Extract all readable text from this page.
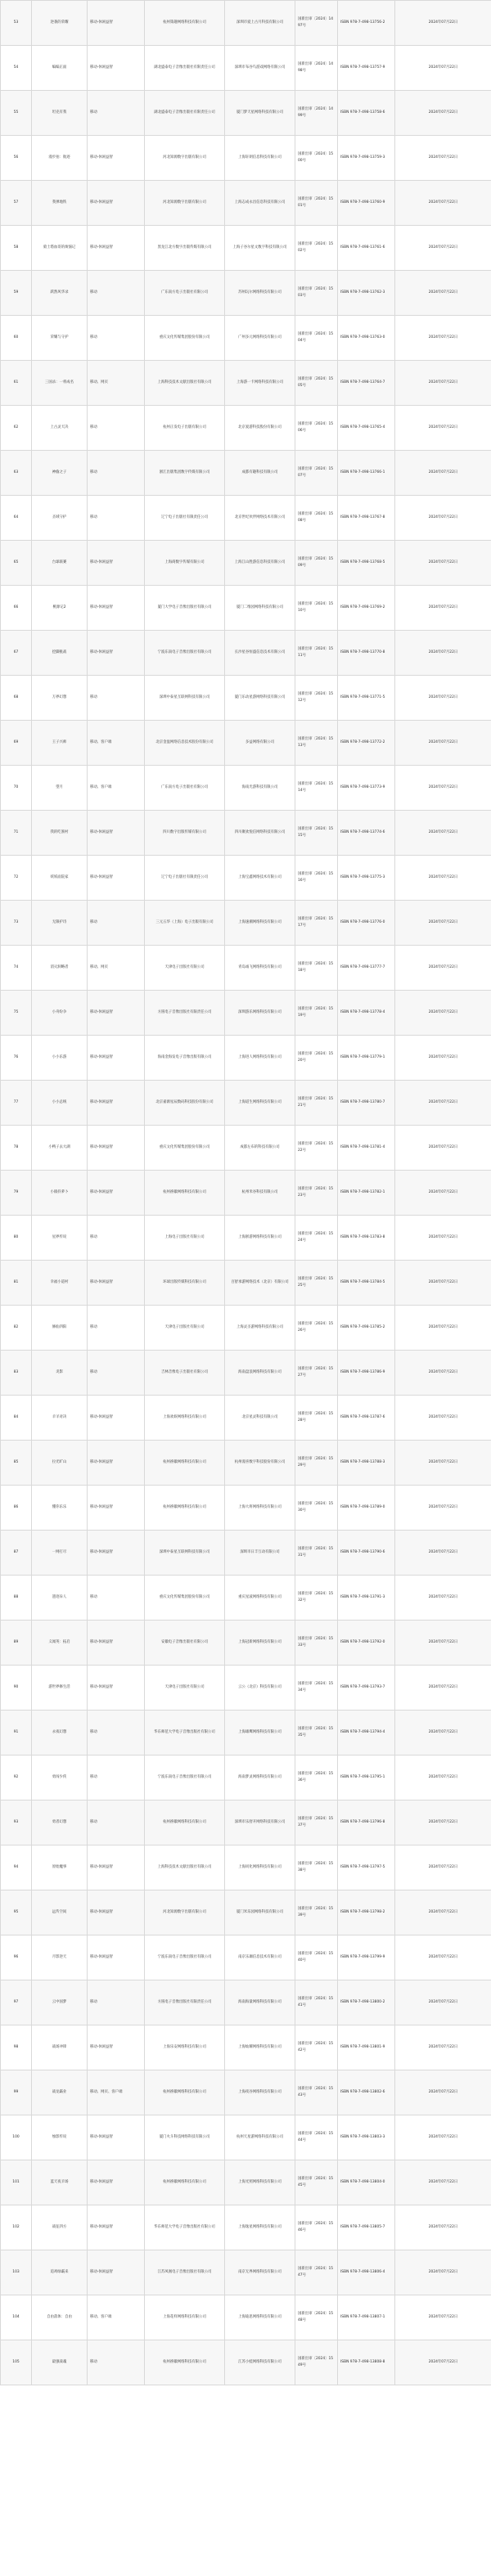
53	逆袭的荣耀	移动-休闲益智	杭州策趣网络科技有限公司	深圳市爱上古月科技有限公司	国新出审〔2024〕1497号	ISBN 978-7-498-13756-2	2024年07月22日
54	编编正面	移动-休闲益智	湖北盛泰电子音像出版社有限责任公司	深圳市布谷鸟游戏网络有限公司	国新出审〔2024〕1498号	ISBN 978-7-498-13757-9	2024年07月22日
55	坦克有我	移动	湖北盛泰电子音像出版社有限责任公司	厦门梦天星网络科技有限公司	国新出审〔2024〕1499号	ISBN 978-7-498-13758-6	2024年07月22日
56	漫步拍：航迹	移动-休闲益智	河北知源数字出版有限公司	上海轩朗信息科技有限公司	国新出审〔2024〕1500号	ISBN 978-7-498-13759-3	2024年07月22日
57	我弹地铁	移动-休闲益智	河北知源数字出版有限公司	上海志成永昌信息科技有限公司	国新出审〔2024〕1501号	ISBN 978-7-498-13760-9	2024年07月22日
58	骑士塔血哥的烦恼记	移动-休闲益智	黑龙江北方数字出版传媒有限公司	上海子谷尔星文数字科技有限公司	国新出审〔2024〕1502号	ISBN 978-7-498-13761-6	2024年07月22日
59	跃然风华录	移动	广东南方电子出版社有限公司	苏州玩尔网络科技有限公司	国新出审〔2024〕1503号	ISBN 978-7-498-13762-3	2024年07月22日
60	荣耀与守护	移动	重庆文化传媒集团股份有限公司	广州多元网络科技有限公司	国新出审〔2024〕1504号	ISBN 978-7-498-13763-0	2024年07月22日
61	三国杀：一将成名	移动、网页	上海科技技术文献出版社有限公司	上海游一卡网络科技有限公司	国新出审〔2024〕1505号	ISBN 978-7-498-13764-7	2024年07月22日
62	上古灵天决	移动	杭州正发电子出版有限公司	北京爱游科技股份有限公司	国新出审〔2024〕1506号	ISBN 978-7-498-13765-4	2024年07月22日
63	神偷之子	移动	浙江出版集团数字传媒有限公司	成都有趣科技有限公司	国新出审〔2024〕1507号	ISBN 978-7-498-13766-1	2024年07月22日
64	圣域守护	移动	辽宁电子出版社有限责任公司	北京世纪伙伴网络技术有限公司	国新出审〔2024〕1508号	ISBN 978-7-498-13767-8	2024年07月22日
65	台球联赛	移动-休闲益智	上海商数字传媒有限公司	上海江山胜游信息科技有限公司	国新出审〔2024〕1509号	ISBN 978-7-498-13768-5	2024年07月22日
66	桃源记2	移动-休闲益智	厦门大学电子音像出版社有限公司	厦门二维园网络科技有限公司	国新出审〔2024〕1510号	ISBN 978-7-498-13769-2	2024年07月22日
67	挖脚挑战	移动-休闲益智	宁波东南电子音像出版社有限公司	长沙星谷恒盛信息技术有限公司	国新出审〔2024〕1511号	ISBN 978-7-498-13770-8	2024年07月22日
68	万界幻想	移动	深圳中泰星互联网科技有限公司	厦门乐动星游网络科技有限公司	国新出审〔2024〕1512号	ISBN 978-7-498-13771-5	2024年07月22日
69	王子兴师	移动、客户端	北京金盈网络信息技术股份有限公司	多益网络有限公司	国新出审〔2024〕1513号	ISBN 978-7-498-13772-2	2024年07月22日
70	望月	移动、客户端	广东南方电子出版社有限公司	海南光游科技有限公司	国新出审〔2024〕1514号	ISBN 978-7-498-13773-9	2024年07月22日
71	我的吃蜜村	移动-休闲益智	四川数字出版传媒有限公司	四川聚欢悦信网络科技有限公司	国新出审〔2024〕1515号	ISBN 978-7-498-13774-6	2024年07月22日
72	妖妖面院家	移动-休闲益智	辽宁电子出版社有限责任公司	上海宝鑫网络技术有限公司	国新出审〔2024〕1516号	ISBN 978-7-498-13775-3	2024年07月22日
73	无限护诗	移动	三元五华（上海）电子出版有限公司	上海速潮网络科技有限公司	国新出审〔2024〕1517号	ISBN 978-7-498-13776-0	2024年07月22日
74	消灭洞略者	移动、网页	天津电子出版社有限公司	青岛诚飞网络科技有限公司	国新出审〔2024〕1518号	ISBN 978-7-498-13777-7	2024年07月22日
75	小舟纷争	移动-休闲益智	方圆电子音像出版社有限责任公司	深圳游乐网络科技有限公司	国新出审〔2024〕1519号	ISBN 978-7-498-13778-4	2024年07月22日
76	小小乐游	移动-休闲益智	海南金海发电子音像出版有限公司	上海进人网络科技有限公司	国新出审〔2024〕1520号	ISBN 978-7-498-13779-1	2024年07月22日
77	小小总统	移动-休闲益智	北京嘉源星辰数码科技股份有限公司	上海道生网络科技有限公司	国新出审〔2024〕1521号	ISBN 978-7-498-13780-7	2024年07月22日
78	小鸭子去大湖	移动-休闲益智	重庆文化传媒集团股份有限公司	成都左布的科技有限公司	国新出审〔2024〕1522号	ISBN 978-7-498-13781-4	2024年07月22日
79	小镇抖萝卜	移动-休闲益智	杭州禧徽网络科技有限公司	杭州米谷科技有限公司	国新出审〔2024〕1523号	ISBN 978-7-498-13782-1	2024年07月22日
80	星界传说	移动	上海电子出版社有限公司	上海浙游网络科技有限公司	国新出审〔2024〕1524号	ISBN 978-7-498-13783-8	2024年07月22日
81	幸福小道村	移动-休闲益智	环球出版传媒科技有限公司	百舒承游网络技术（北京）有限公司	国新出审〔2024〕1525号	ISBN 978-7-498-13784-5	2024年07月22日
82	修仙四阳	移动	天津电子出版社有限公司	上海灵圣游网络科技有限公司	国新出审〔2024〕1526号	ISBN 978-7-498-13785-2	2024年07月22日
83	炎影	移动	吉林音像电子出版社有限公司	海南盘浪网络科技有限公司	国新出审〔2024〕1527号	ISBN 978-7-498-13786-9	2024年07月22日
84	羊羊对决	移动-休闲益智	上海欢娱网络科技有限公司	北京星灵科技有限公司	国新出审〔2024〕1528号	ISBN 978-7-498-13787-6	2024年07月22日
85	拉光旷山	移动-休闲益智	杭州禧徽网络科技有限公司	杭州漫喜数字科技股份有限公司	国新出审〔2024〕1529号	ISBN 978-7-498-13788-3	2024年07月22日
86	懂你乐乐	移动-休闲益智	杭州禧徽网络科技有限公司	上海大将网络科技有限公司	国新出审〔2024〕1530号	ISBN 978-7-498-13789-0	2024年07月22日
87	一网打尽	移动-休闲益智	深圳中泰星互联网科技有限公司	深圳市日丰互动有限公司	国新出审〔2024〕1531号	ISBN 978-7-498-13790-6	2024年07月22日
88	遗迹异人	移动	重庆文化传媒集团股份有限公司	重庆星波网络科技有限公司	国新出审〔2024〕1532号	ISBN 978-7-498-13791-3	2024年07月22日
89	义闻英：拓启	移动-休闲益智	安徽电子音像出版社有限公司	上海冠新网络科技有限公司	国新出审〔2024〕1533号	ISBN 978-7-498-13792-0	2024年07月22日
90	游世界修生活	移动-休闲益智	天津电子出版社有限公司	云公（北京）科技有限公司	国新出审〔2024〕1534号	ISBN 978-7-498-13793-7	2024年07月22日
91	永夜幻想	移动	华东师范大学电子音像出版社有限公司	上海雄鹰网络科技有限公司	国新出审〔2024〕1535号	ISBN 978-7-498-13794-4	2024年07月22日
92	勇闯少侠	移动	宁波东南电子音像出版社有限公司	海南梦灵网络科技有限公司	国新出审〔2024〕1536号	ISBN 978-7-498-13795-1	2024年07月22日
93	勇者幻想	移动	杭州禧徽网络科技有限公司	深圳市乐舒开网络科技有限公司	国新出审〔2024〕1537号	ISBN 978-7-498-13796-8	2024年07月22日
94	原始魔事	移动-休闲益智	上海科技技术文献出版社有限公司	上海同化网络科技有限公司	国新出审〔2024〕1538号	ISBN 978-7-498-13797-5	2024年07月22日
95	远传空间	移动-休闲益智	河北知源数字出版有限公司	厦门米乐园网络科技有限公司	国新出审〔2024〕1539号	ISBN 978-7-498-13798-2	2024年07月22日
96	月影逆天	移动-休闲益智	宁波东南电子音像出版社有限公司	南京乐珈信息技术有限公司	国新出审〔2024〕1540号	ISBN 978-7-498-13799-9	2024年07月22日
97	云中国梦	移动	方圆电子音像出版社有限责任公司	海南海量网络科技有限公司	国新出审〔2024〕1541号	ISBN 978-7-498-13800-2	2024年07月22日
98	战场冲锋	移动-休闲益智	上海乐安网络科技有限公司	上海灿耀网络科技有限公司	国新出审〔2024〕1542号	ISBN 978-7-498-13801-9	2024年07月22日
99	战龙霸业	移动、网页、客户端	杭州禧徽网络科技有限公司	上海夜谷网络科技有限公司	国新出审〔2024〕1543号	ISBN 978-7-498-13802-6	2024年07月22日
100	烛影传说	移动-休闲益智	厦门火斗科技网络科技有限公司	杭州天星游网络科技有限公司	国新出审〔2024〕1544号	ISBN 978-7-498-13803-3	2024年07月22日
101	蓝天夜羊场	移动-休闲益智	杭州禧徽网络科技有限公司	上海光照网络科技有限公司	国新出审〔2024〕1545号	ISBN 978-7-498-13804-0	2024年07月22日
102	战征四方	移动-休闲益智	华东师范大学电子音像出版社有限公司	上海逸星网络科技有限公司	国新出审〔2024〕1546号	ISBN 978-7-498-13805-7	2024年07月22日
103	追鸡绿霸来	移动-休闲益智	江苏凤凰电子音像出版社有限公司	南京无界网络科技有限公司	国新出审〔2024〕1547号	ISBN 978-7-498-13806-4	2024年07月22日
104	自由落体：自由	移动、客户端	上海花样网络科技有限公司	上海迪思网络科技有限公司	国新出审〔2024〕1548号	ISBN 978-7-498-13807-1	2024年07月22日
105	最强战魂	移动	杭州禧徽网络科技有限公司	江苏小蛙网络科技有限公司	国新出审〔2024〕1549号	ISBN 978-7-498-13808-8	2024年07月22日
